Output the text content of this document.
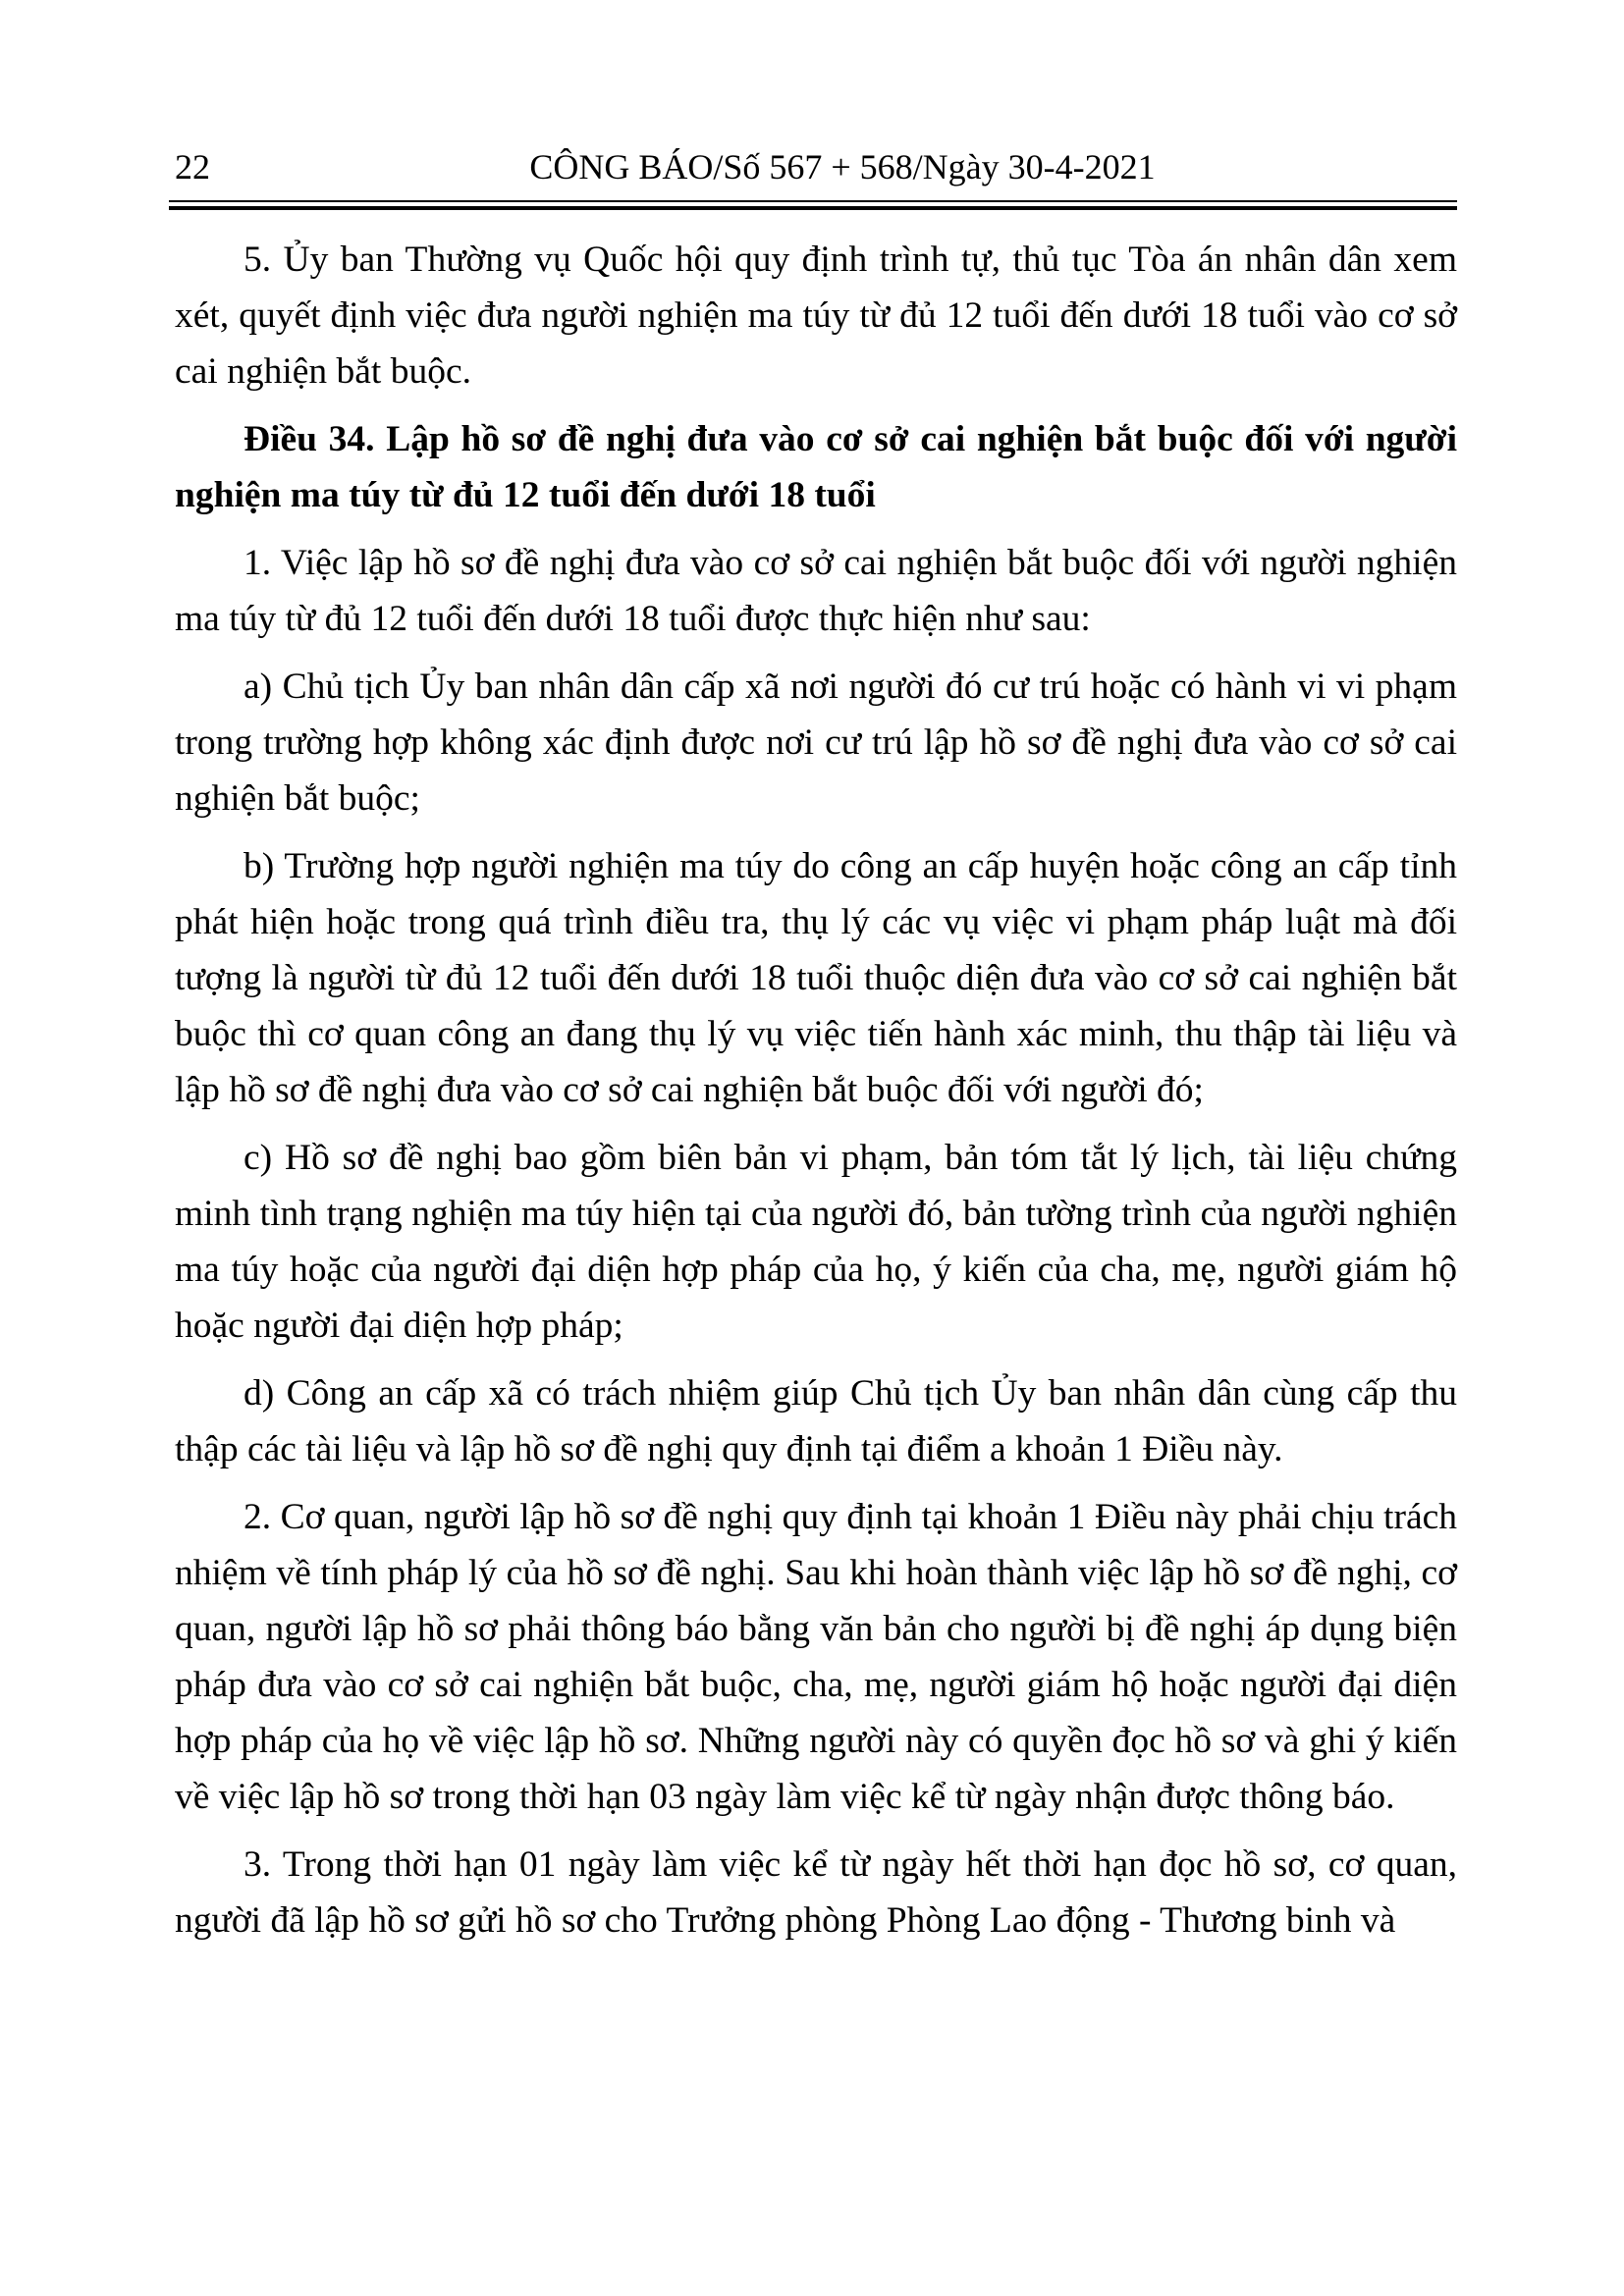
22	CÔNG BÁO/Số 567 + 568/Ngày 30-4-2021

5. Ủy ban Thường vụ Quốc hội quy định trình tự, thủ tục Tòa án nhân dân xem xét, quyết định việc đưa người nghiện ma túy từ đủ 12 tuổi đến dưới 18 tuổi vào cơ sở cai nghiện bắt buộc.

Điều 34. Lập hồ sơ đề nghị đưa vào cơ sở cai nghiện bắt buộc đối với người nghiện ma túy từ đủ 12 tuổi đến dưới 18 tuổi

1. Việc lập hồ sơ đề nghị đưa vào cơ sở cai nghiện bắt buộc đối với người nghiện ma túy từ đủ 12 tuổi đến dưới 18 tuổi được thực hiện như sau:

a) Chủ tịch Ủy ban nhân dân cấp xã nơi người đó cư trú hoặc có hành vi vi phạm trong trường hợp không xác định được nơi cư trú lập hồ sơ đề nghị đưa vào cơ sở cai nghiện bắt buộc;

b) Trường hợp người nghiện ma túy do công an cấp huyện hoặc công an cấp tỉnh phát hiện hoặc trong quá trình điều tra, thụ lý các vụ việc vi phạm pháp luật mà đối tượng là người từ đủ 12 tuổi đến dưới 18 tuổi thuộc diện đưa vào cơ sở cai nghiện bắt buộc thì cơ quan công an đang thụ lý vụ việc tiến hành xác minh, thu thập tài liệu và lập hồ sơ đề nghị đưa vào cơ sở cai nghiện bắt buộc đối với người đó;

c) Hồ sơ đề nghị bao gồm biên bản vi phạm, bản tóm tắt lý lịch, tài liệu chứng minh tình trạng nghiện ma túy hiện tại của người đó, bản tường trình của người nghiện ma túy hoặc của người đại diện hợp pháp của họ, ý kiến của cha, mẹ, người giám hộ hoặc người đại diện hợp pháp;

d) Công an cấp xã có trách nhiệm giúp Chủ tịch Ủy ban nhân dân cùng cấp thu thập các tài liệu và lập hồ sơ đề nghị quy định tại điểm a khoản 1 Điều này.

2. Cơ quan, người lập hồ sơ đề nghị quy định tại khoản 1 Điều này phải chịu trách nhiệm về tính pháp lý của hồ sơ đề nghị. Sau khi hoàn thành việc lập hồ sơ đề nghị, cơ quan, người lập hồ sơ phải thông báo bằng văn bản cho người bị đề nghị áp dụng biện pháp đưa vào cơ sở cai nghiện bắt buộc, cha, mẹ, người giám hộ hoặc người đại diện hợp pháp của họ về việc lập hồ sơ. Những người này có quyền đọc hồ sơ và ghi ý kiến về việc lập hồ sơ trong thời hạn 03 ngày làm việc kể từ ngày nhận được thông báo.

3. Trong thời hạn 01 ngày làm việc kể từ ngày hết thời hạn đọc hồ sơ, cơ quan, người đã lập hồ sơ gửi hồ sơ cho Trưởng phòng Phòng Lao động - Thương binh và
